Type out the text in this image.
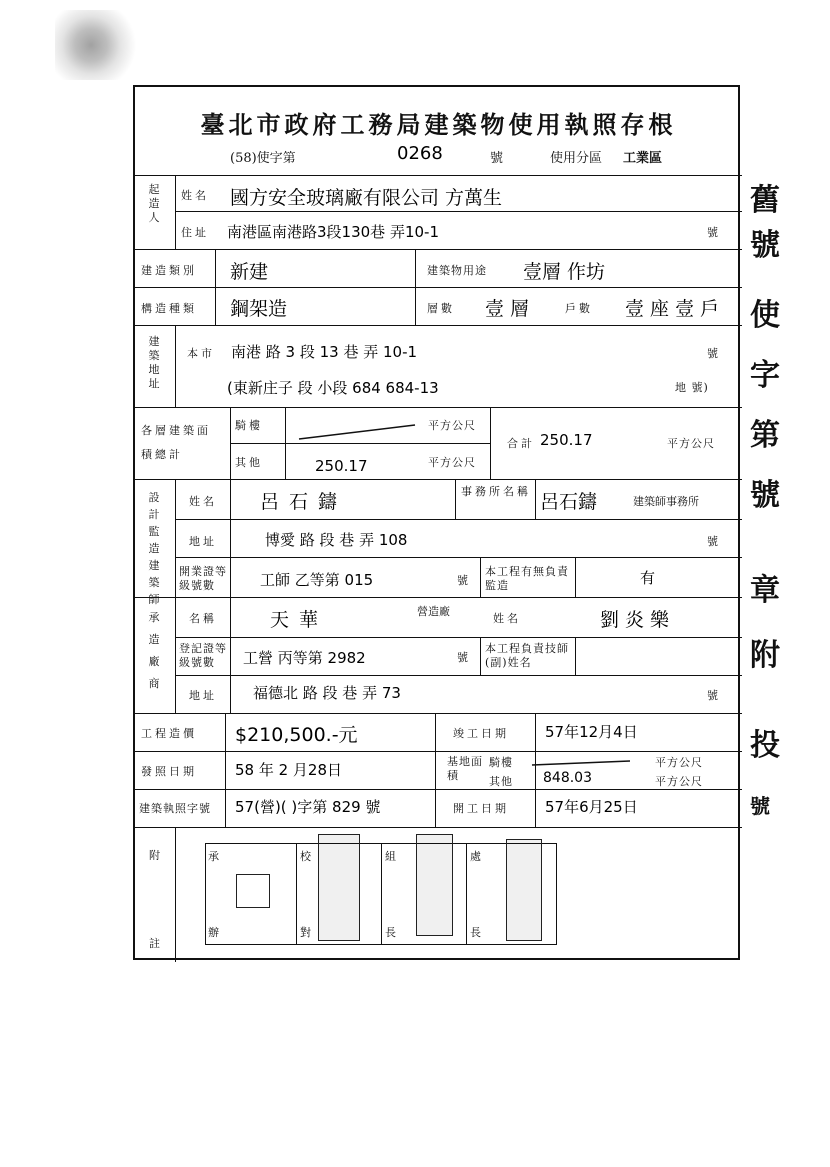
臺北市政府工務局建築物使用執照存根
(58)使字第	0268	號	使用分區 工業區
起造人
姓名 國方安全玻璃廠有限公司 方萬生
住址 南港區南港路3段130巷 弄10-1	號
建造類別 新建	建築物用途 壹層 作坊
構造種類 鋼架造	層數 壹 層	戶數 壹 座 壹 戶
建築地址
本市 南港 路 3 段 13 巷 弄 10-1	號
(東新庄子 段 小段 684 684-13	地 號)
各層建築面積總計
騎樓	平方公尺
其他	250.17	平方公尺
合計 250.17	平方公尺
設計監造建築師
姓名 呂石鑄	事務所名稱 呂石鑄	建築師事務所
地址	博愛 路 段 巷 弄 108	號
開業證等級號數	工師 乙等第 015	號
本工程有無負責監造	有
承造廠商
名稱	天華	營造廠
姓名	劉炎樂
登記證等級號數	工營 丙等第 2982	號
本工程負責技師(副)姓名
地址 福德北 路 段 巷 弄 73	號
工程造價 $210,500.-元	竣工日期 57年12月4日
發照日期	58 年 2 月28日	基地面積
騎樓	平方公尺
其他 848.03	平方公尺
建築執照字號 57(營)( )字第 829 號	開工日期 57年6月25日
附
註
承
辦
校
對
組
長
處
長
舊
號
使
字
第
號
章
附
投
號
